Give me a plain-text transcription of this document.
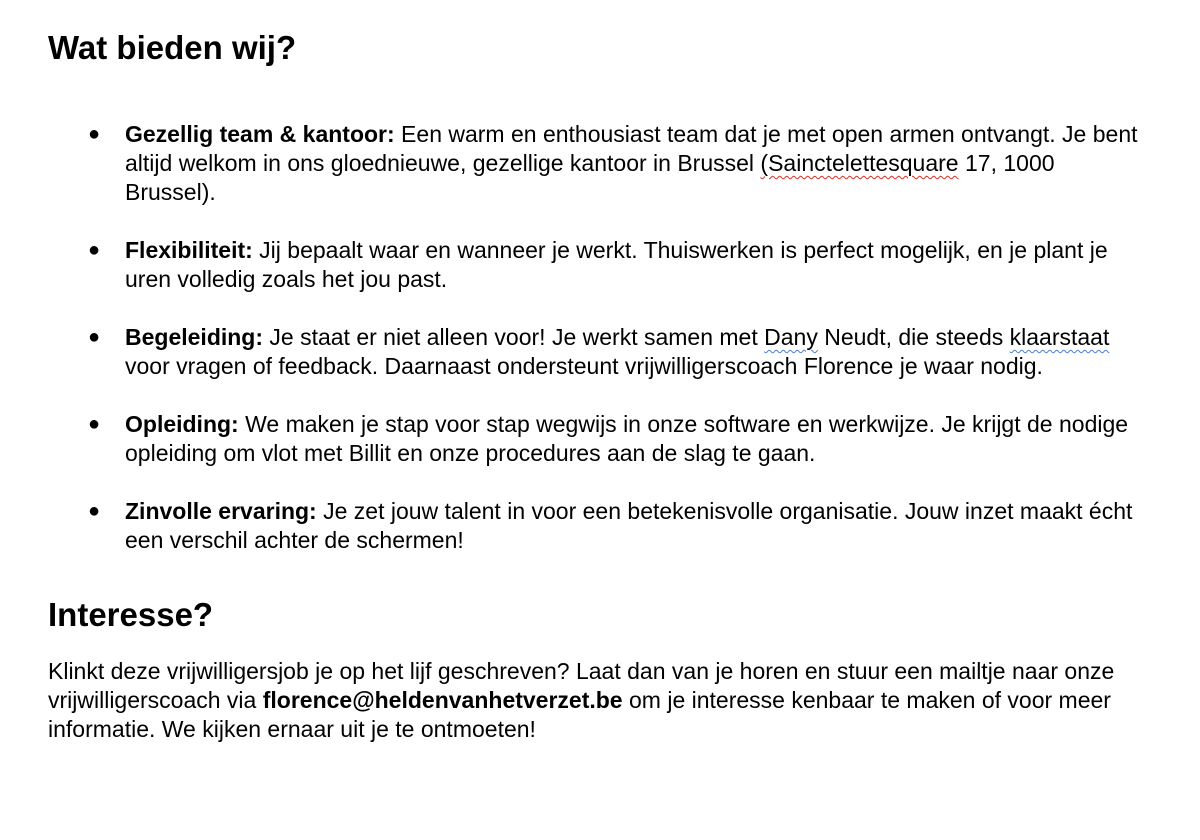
Wat bieden wij?
● Gezellig team & kantoor: Een warm en enthousiast team dat je met open armen ontvangt. Je bent altijd welkom in ons gloednieuwe, gezellige kantoor in Brussel (Sainctelettesquare 17, 1000 Brussel).
● Flexibiliteit: Jij bepaalt waar en wanneer je werkt. Thuiswerken is perfect mogelijk, en je plant je uren volledig zoals het jou past.
● Begeleiding: Je staat er niet alleen voor! Je werkt samen met Dany Neudt, die steeds klaarstaat voor vragen of feedback. Daarnaast ondersteunt vrijwilligerscoach Florence je waar nodig.
● Opleiding: We maken je stap voor stap wegwijs in onze software en werkwijze. Je krijgt de nodige opleiding om vlot met Billit en onze procedures aan de slag te gaan.
● Zinvolle ervaring: Je zet jouw talent in voor een betekenisvolle organisatie. Jouw inzet maakt écht een verschil achter de schermen!
Interesse?

Klinkt deze vrijwilligersjob je op het lijf geschreven? Laat dan van je horen en stuur een mailtje naar onze vrijwilligerscoach via florence@heldenvanhetverzet.be om je interesse kenbaar te maken of voor meer informatie. We kijken ernaar uit je te ontmoeten!
